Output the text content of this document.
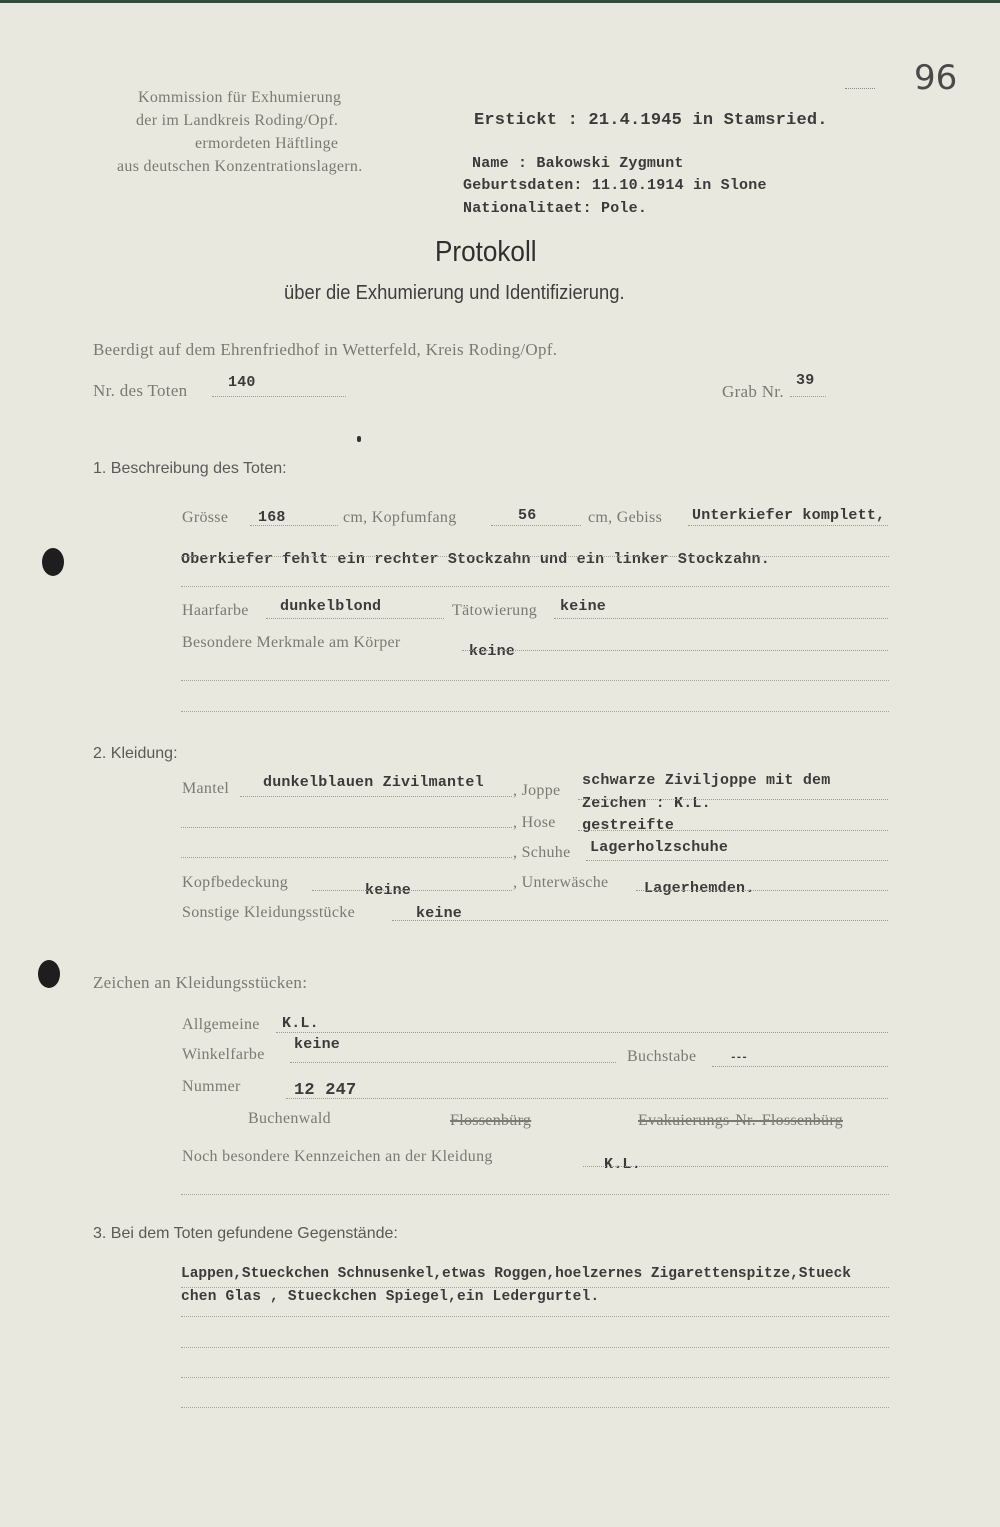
96
Kommission für Exhumierung
der im Landkreis Roding/Opf.
ermordeten Häftlinge
aus deutschen Konzentrationslagern.
Erstickt : 21.4.1945 in Stamsried.
Name : Bakowski Zygmunt
Geburtsdaten: 11.10.1914 in Slone
Nationalitaet: Pole.
Protokoll
über die Exhumierung und Identifizierung.
Beerdigt auf dem Ehrenfriedhof in Wetterfeld, Kreis Roding/Opf.
Nr. des Toten	140	Grab Nr.
39
1. Beschreibung des Toten:
Grösse 168	cm, Kopfumfang	56	cm, Gebiss Unterkiefer komplett,
Oberkiefer fehlt ein rechter Stockzahn und ein linker Stockzahn.
Haarfarbe dunkelblond	Tätowierung keine
Besondere Merkmale am Körper
keine
2. Kleidung:
Mantel dunkelblauen Zivilmantel , Joppe
schwarze Ziviljoppe mit dem
Zeichen : K.L.
, Hose gestreifte
, Schuhe Lagerholzschuhe
Kopfbedeckung	keine	, Unterwäsche Lagerhemden.
Sonstige Kleidungsstücke	keine
Zeichen an Kleidungsstücken:
Allgemeine K.L.
Winkelfarbe
keine
Buchstabe	---
Nummer	12 247
Buchenwald	Flossenbürg	Evakuierungs-Nr.-Flossenbürg
Noch besondere Kennzeichen an der Kleidung	K.L.
3. Bei dem Toten gefundene Gegenstände:
Lappen,Stueckchen Schnusenkel,etwas Roggen,hoelzernes Zigarettenspitze,Stueck
chen Glas , Stueckchen Spiegel,ein Ledergurtel.
